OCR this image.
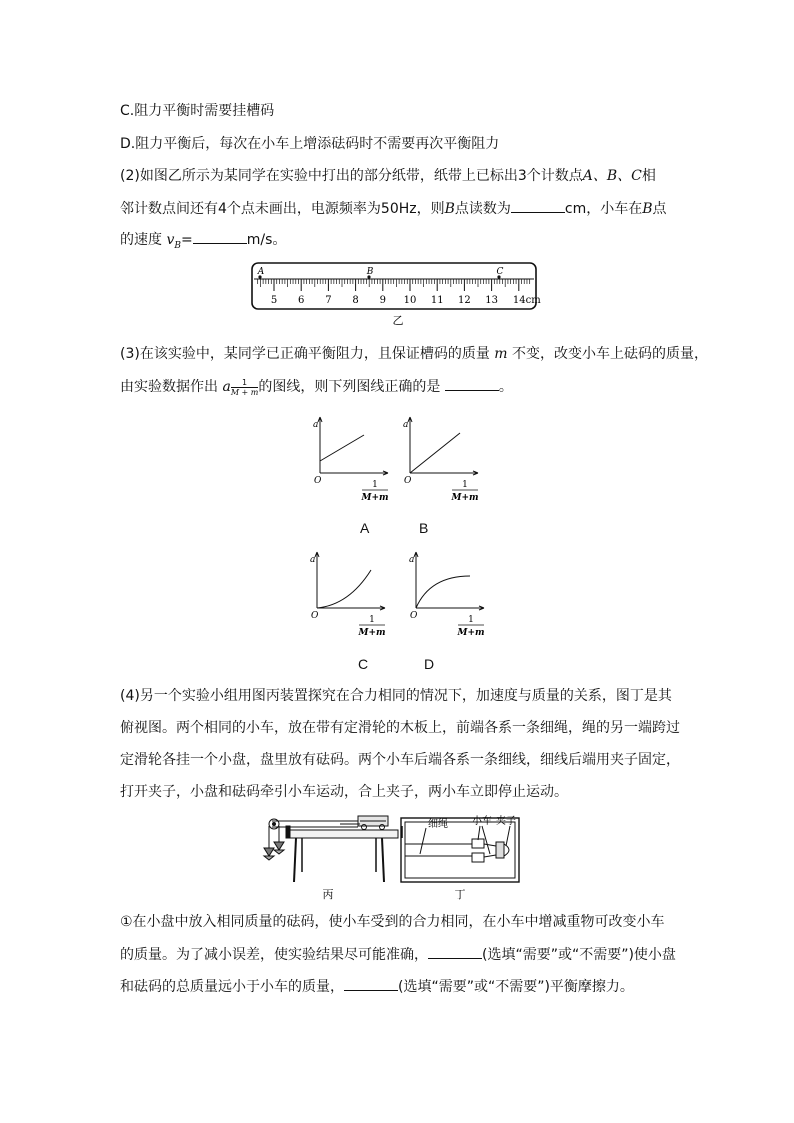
C.阻力平衡时需要挂槽码
D.阻力平衡后，每次在小车上增添砝码时不需要再次平衡阻力
(2)如图乙所示为某同学在实验中打出的部分纸带，纸带上已标出3个计数点A、B、C相
邻计数点间还有4个点未画出，电源频率为50Hz，则B点读数为	cm，小车在B点
的速度 $v_B=$	m/s。
5 6 7 8 9 10 11 12 13 14cm
A	B	C
乙
(3)在该实验中，某同学已正确平衡阻力，且保证槽码的质量 m 不变，改变小车上砝码的质量，
由实验数据作出 a $\frac{1}{M + m}$ 的图线，则下列图线正确的是	。
a
O	1
M+m
a
O	1
M+m
A	B
a
O	1
M+m
a
O	1
M+m
C	D
(4)另一个实验小组用图丙装置探究在合力相同的情况下，加速度与质量的关系，图丁是其
俯视图。两个相同的小车，放在带有定滑轮的木板上，前端各系一条细绳，绳的另一端跨过
定滑轮各挂一个小盘，盘里放有砝码。两个小车后端各系一条细线，细线后端用夹子固定，
打开夹子，小盘和砝码牵引小车运动，合上夹子，两小车立即停止运动。
细绳 小车 夹子
丙	丁
①在小盘中放入相同质量的砝码，使小车受到的合力相同，在小车中增减重物可改变小车
的质量。为了减小误差，使实验结果尽可能准确，	(选填“需要”或“不需要”)使小盘
和砝码的总质量远小于小车的质量，	(选填“需要”或“不需要”)平衡摩擦力。
